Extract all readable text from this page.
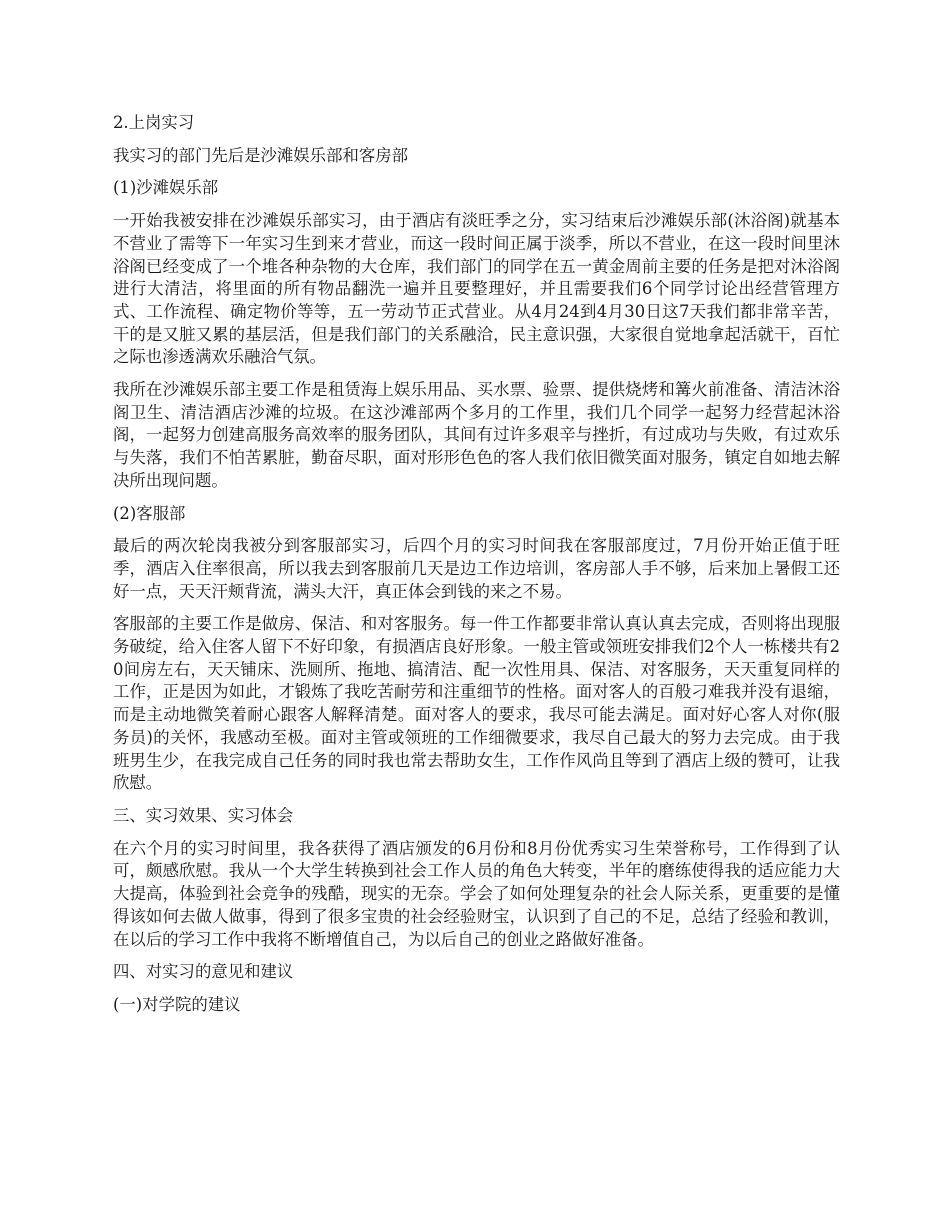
2.上岗实习

我实习的部门先后是沙滩娱乐部和客房部

(1)沙滩娱乐部

一开始我被安排在沙滩娱乐部实习，由于酒店有淡旺季之分，实习结束后沙滩娱乐部(沐浴阁)就基本不营业了需等下一年实习生到来才营业，而这一段时间正属于淡季，所以不营业，在这一段时间里沐浴阁已经变成了一个堆各种杂物的大仓库，我们部门的同学在五一黄金周前主要的任务是把对沐浴阁进行大清洁，将里面的所有物品翻洗一遍并且要整理好，并且需要我们6个同学讨论出经营管理方式、工作流程、确定物价等等，五一劳动节正式营业。从4月24到4月30日这7天我们都非常辛苦，干的是又脏又累的基层活，但是我们部门的关系融洽，民主意识强，大家很自觉地拿起活就干，百忙之际也渗透满欢乐融洽气氛。

我所在沙滩娱乐部主要工作是租赁海上娱乐用品、买水票、验票、提供烧烤和篝火前准备、清洁沐浴阁卫生、清洁酒店沙滩的垃圾。在这沙滩部两个多月的工作里，我们几个同学一起努力经营起沐浴阁，一起努力创建高服务高效率的服务团队，其间有过许多艰辛与挫折，有过成功与失败，有过欢乐与失落，我们不怕苦累脏，勤奋尽职，面对形形色色的客人我们依旧微笑面对服务，镇定自如地去解决所出现问题。

(2)客服部

最后的两次轮岗我被分到客服部实习，后四个月的实习时间我在客服部度过，7月份开始正值于旺季，酒店入住率很高，所以我去到客服前几天是边工作边培训，客房部人手不够，后来加上暑假工还好一点，天天汗颊背流，满头大汗，真正体会到钱的来之不易。

客服部的主要工作是做房、保洁、和对客服务。每一件工作都要非常认真认真去完成，否则将出现服务破绽，给入住客人留下不好印象，有损酒店良好形象。一般主管或领班安排我们2个人一栋楼共有20间房左右，天天铺床、洗厕所、拖地、搞清洁、配一次性用具、保洁、对客服务，天天重复同样的工作，正是因为如此，才锻炼了我吃苦耐劳和注重细节的性格。面对客人的百般刁难我并没有退缩，而是主动地微笑着耐心跟客人解释清楚。面对客人的要求，我尽可能去满足。面对好心客人对你(服务员)的关怀，我感动至极。面对主管或领班的工作细微要求，我尽自己最大的努力去完成。由于我班男生少，在我完成自己任务的同时我也常去帮助女生，工作作风尚且等到了酒店上级的赞可，让我欣慰。

三、实习效果、实习体会

在六个月的实习时间里，我各获得了酒店颁发的6月份和8月份优秀实习生荣誉称号，工作得到了认可，颇感欣慰。我从一个大学生转换到社会工作人员的角色大转变，半年的磨练使得我的适应能力大大提高，体验到社会竞争的残酷，现实的无奈。学会了如何处理复杂的社会人际关系，更重要的是懂得该如何去做人做事，得到了很多宝贵的社会经验财宝，认识到了自己的不足，总结了经验和教训，在以后的学习工作中我将不断增值自己，为以后自己的创业之路做好准备。

四、对实习的意见和建议

(一)对学院的建议
